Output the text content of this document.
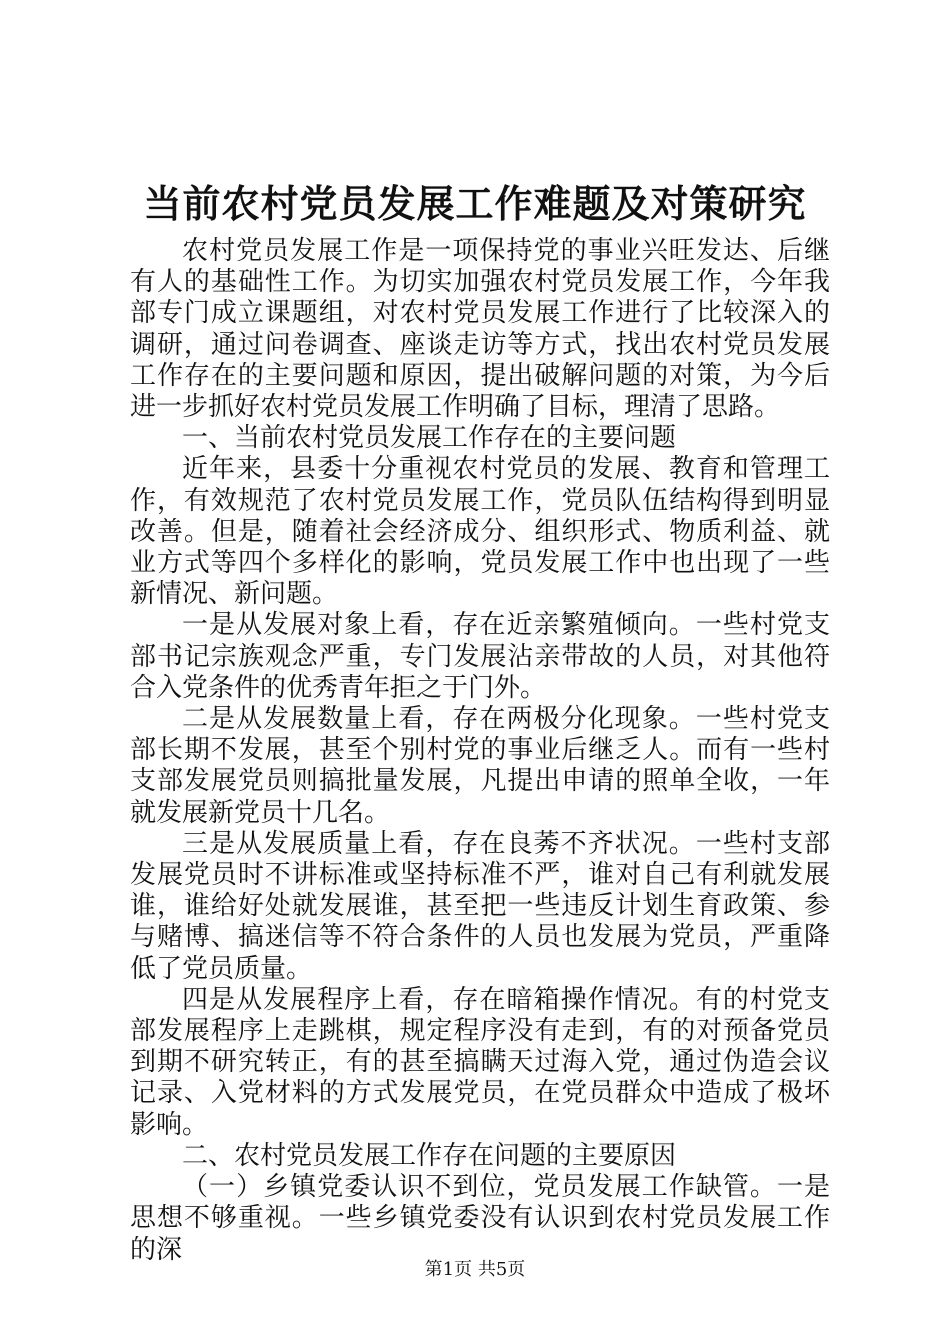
当前农村党员发展工作难题及对策研究

农村党员发展工作是一项保持党的事业兴旺发达、后继有人的基础性工作。为切实加强农村党员发展工作，今年我部专门成立课题组，对农村党员发展工作进行了比较深入的调研，通过问卷调查、座谈走访等方式，找出农村党员发展工作存在的主要问题和原因，提出破解问题的对策，为今后进一步抓好农村党员发展工作明确了目标，理清了思路。

一、当前农村党员发展工作存在的主要问题

近年来，县委十分重视农村党员的发展、教育和管理工作，有效规范了农村党员发展工作，党员队伍结构得到明显改善。但是，随着社会经济成分、组织形式、物质利益、就业方式等四个多样化的影响，党员发展工作中也出现了一些新情况、新问题。

一是从发展对象上看，存在近亲繁殖倾向。一些村党支部书记宗族观念严重，专门发展沾亲带故的人员，对其他符合入党条件的优秀青年拒之于门外。

二是从发展数量上看，存在两极分化现象。一些村党支部长期不发展，甚至个别村党的事业后继乏人。而有一些村支部发展党员则搞批量发展，凡提出申请的照单全收，一年就发展新党员十几名。

三是从发展质量上看，存在良莠不齐状况。一些村支部发展党员时不讲标准或坚持标准不严，谁对自己有利就发展谁，谁给好处就发展谁，甚至把一些违反计划生育政策、参与赌博、搞迷信等不符合条件的人员也发展为党员，严重降低了党员质量。

四是从发展程序上看，存在暗箱操作情况。有的村党支部发展程序上走跳棋，规定程序没有走到，有的对预备党员到期不研究转正，有的甚至搞瞒天过海入党，通过伪造会议记录、入党材料的方式发展党员，在党员群众中造成了极坏影响。

二、农村党员发展工作存在问题的主要原因

（一）乡镇党委认识不到位，党员发展工作缺管。一是思想不够重视。一些乡镇党委没有认识到农村党员发展工作的深

第1页 共5页
